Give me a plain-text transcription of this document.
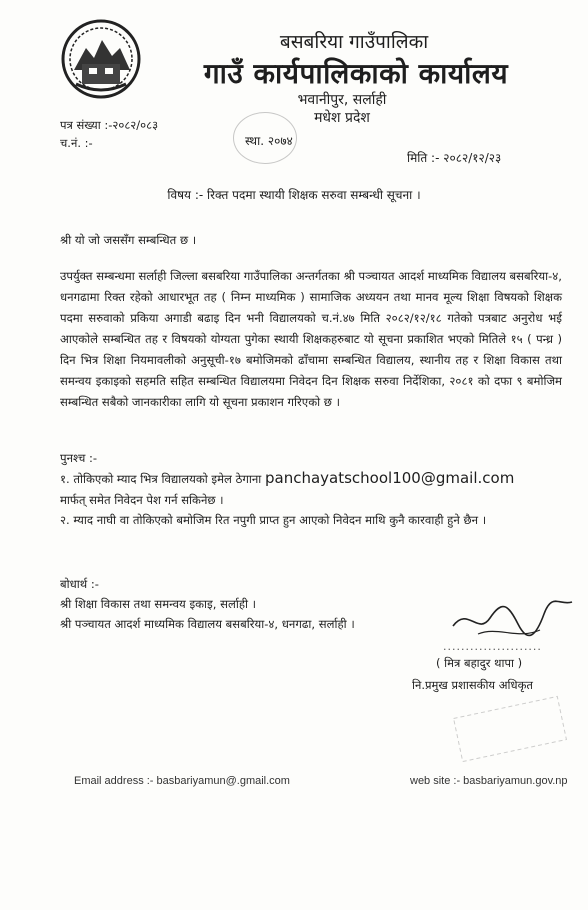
बसबरिया गाउँपालिका
गाउँ कार्यपालिकाको कार्यालय
भवानीपुर, सर्लाही
मधेश प्रदेश
स्था. २०७४
पत्र संख्या :-२०८२/०८३
च.नं. :-
मिति :- २०८२/१२/२३
विषय :- रिक्त पदमा स्थायी शिक्षक सरुवा सम्बन्धी सूचना ।

श्री यो जो जससँग सम्बन्धित छ ।

उपर्युक्त सम्बन्धमा सर्लाही जिल्ला बसबरिया गाउँपालिका अन्तर्गतका श्री पञ्चायत आदर्श माध्यमिक विद्यालय बसबरिया-४, धनगढामा रिक्त रहेको आधारभूत तह ( निम्न माध्यमिक ) सामाजिक अध्ययन तथा मानव मूल्य शिक्षा विषयको शिक्षक पदमा सरुवाको प्रकिया अगाडी बढाइ दिन भनी विद्यालयको च.नं.४७ मिति २०८२/१२/१८ गतेको पत्रबाट अनुरोध भई आएकोले सम्बन्धित तह र विषयको योग्यता पुगेका स्थायी शिक्षकहरुबाट यो सूचना प्रकाशित भएको मितिले १५ ( पन्ध्र ) दिन भित्र शिक्षा नियमावलीको अनुसूची-१७ बमोजिमको ढाँचामा सम्बन्धित विद्यालय, स्थानीय तह र शिक्षा विकास तथा समन्वय इकाइको सहमति सहित सम्बन्धित विद्यालयमा निवेदन दिन शिक्षक सरुवा निर्देशिका, २०८१ को दफा ९ बमोजिम सम्बन्धित सबैको जानकारीका लागि यो सूचना प्रकाशन गरिएको छ ।

पुनश्च :-

१. तोकिएको म्याद भित्र विद्यालयको इमेल ठेगाना panchayatschool100@gmail.com
मार्फत् समेत निवेदन पेश गर्न सकिनेछ ।

२. म्याद नाघी वा तोकिएको बमोजिम रित नपुगी प्राप्त हुन आएको निवेदन माथि कुनै कारवाही हुने छैन ।

बोधार्थ :-

श्री शिक्षा विकास तथा समन्वय इकाइ, सर्लाही ।

श्री पञ्चायत आदर्श माध्यमिक विद्यालय बसबरिया-४, धनगढा, सर्लाही ।

......................
( मित्र बहादुर थापा )
नि.प्रमुख प्रशासकीय अधिकृत
Email address :- basbariyamun@.gmail.com	web site :- basbariyamun.gov.np
